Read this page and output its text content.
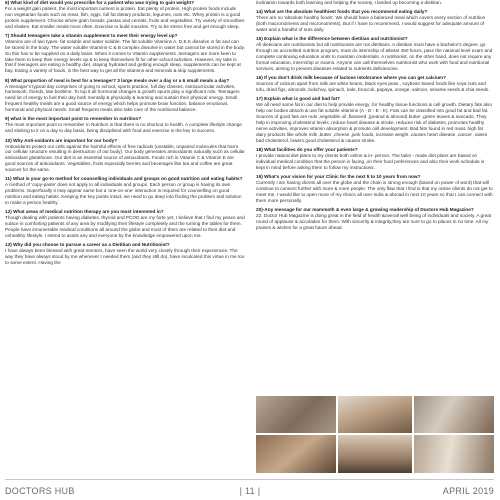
6) What kind of diet would you prescribe for a patient who was trying to gain weight?

For a weight gain patient, the most important nutrient is protein. Eat plenty of protein, High protein foods include non vegetarian foods such as meat, fish, eggs, full fat dietary products, legumes, nuts etc. Whey protein is a good protein supplement. Choose whole grain breads ,pastas and cereals, fruits and vegetables. Try variety of smoothies and shakes. Eat smaller meals more often. Exercise to build muscles. Try to be stress free and get enough sleep.

7) Should teenagers take a vitamin supplement to meet their energy level up?

Vitamins are of two types- fat soluble and water soluble. The fat soluble Vitamins A, D,E,K dissolve in fat and can be stored in the body. The water soluble Vitamins-C & B complex dissolve in water but cannot be stored in the body. So this has to be supplied on a daily basis. When it comes to Vitamin supplements ,teenagers are more keen to take them to keep their energy levels up & to keep themselves fit for other school activities. However, my take is that if teenagers are eating a healthy diet, staying hydrated and getting enough sleep, supplements can be kept at bay. Eating a variety of foods, is the best way to get all the vitamins and minerals & skip supplements.

8) What proportion of meal is best for a teenager? 3 large meals over a day or a 6 small meals a day?

A teenager's typical day comprises of going to school, sports practice, full day classes, extracurricular activities, homework, friends, late bedtime. To top it all hormonal changes & growth spurts play a significant role. Teenagers need lot of energy to fuel their day both mentally & physically & learning and sustain their physical energy. Small frequent healthy meals are a good source of energy which helps promote brain function, balance emotional, hormonal and physical needs. Small frequent meals also take care of the nutritional balance.

9) what is the most important point to remember in nutrition?

The most important point to remember in Nutrition is that there is no shortcut to health. A complete lifestyle change and sticking to it on a day to day basis, being disciplined with food and exercise is the key to success.

10) Why Anti-oxidants are important for our body?

Antioxidants protect our cells against the harmful effects of free radicals (unstable, unpaired molecules that harm our cellular structure resulting in destruction of our body). Our body generates antioxidants naturally such as cellular antioxidant glutathione. Our diet is an essential source of antioxidants. Foods rich in Vitamin C & Vitamin E are good sources of antioxidants. Vegetables, fruits especially berries and beverages like tea and coffee are great sources for the same.

11) What is your go-to method for counselling individuals and groups on good nutrition and eating habits?

A method of 'copy-paste' does not apply to all individuals and groups. Each person or group is having its own problems. Superficially it may appear same but a 'one-on-one' interaction is required for counselling on good nutrition and eating habits. Keeping the key points intact, we need to go deep into finding the problem and solution to make a person healthy.

12) What areas of medical nutrition therapy are you most interested in?

Though dealing with patients having diabetes, thyroid and PCOD are my forte yet, I believe that I find my peace and solace in comforting patients of any area by modifying their lifestyle completely and the turning the tables for them. People have innumerable medical conditions all around the globe and most of them are related to their diet and unhealthy lifestyle. I intend to assist any and everyone by the knowledge empowered upon me.

13) Why did you choose to pursue a career as a Dietitian and Nutritionist?

I have always been blessed with great mentors, have seen the world very closely through their experiences. The way they have always stood by me whenever I needed them (and they still do), have inculcated this virtue in me too to some extent. Having the

inclination towards both learning and helping the society, I landed up becoming a dietitian.

14) What are the absolute healthiest foods that you recommend eating daily?

There are no 'absolute healthy foods'. We should have a balanced meal which covers every section of nutrition (both macronutrients and micronutrients). But if I have to recommend, I would suggest for adequate amount of water and a handful of nuts daily.

15) Explain what is the difference between dietitian and nutritionist?

All dieticians are nutritionists but all nutritionists are not dietitians. A dietitian must have a bachelor's degree, go through an accredited nutrition program, must do internship of atleast 450 hours, pass the national level exam and complete continuing education units to maintain credentials. A nutritionist, on the other hand, does not require any formal education, internship or exams. Anyone can call themselves nutritionist who work with food and nutritional services, aiming to prevent diseases related to nutrients deficiencies.

16) If you don't drink milk because of lactose intolerance where you can get calcium?

Sources of calcium apart from milk are white beans, black eyes peas , soybean based foods like soya nuts and tofu, dried figs, almonds ,bokchoy, spinach, kale, broccoli, papaya, orange, salmon, sesame seeds & chia seeds.

17) Explain what is good and bad fat?

We all need some fat in our diet to help provide energy ,for healthy tissue functions & cell growth. Dietary fats also help our bodies absorb & use fat soluble vitamins (A - D - E - K). Fats can be classified into good fat and bad fat. Sources of good fats are nuts ,vegetable oil ,flaxseed ,(peanut & almond) butter ,green leaves & avocado. They help in improving cholesterol levels ,reduce heart disease & stroke, reduces risk of diabetes, promotes healthy nerve activities, improves vitamin absorption & promote cell development. Bad fats found in red meat, high fat dairy products like whole milk ,butter ,cheese ,junk foods, increase weight ,causes heart disease ,cancer ,raises bad cholesterol, lowers good cholesterol & causes stroke.

18) What facilities do you offer your patients?

I provide natural diet plans to my clients both online & in- person. The tailor - made diet plans are based on individual medical condition that the person is facing ,on their food preferences and also their work schedule is kept in mind before asking them to follow my instructions.

19) What's your vision for your Clinic for the next 5 to 10 years from now?

Currently I am having clients all over the globe and the chain is strong enough (based on power of word) that will continue to connect further with more & more people. The only flaw that I find is that my online clients do not get to meet me. I would like to open more of my clinics all over India & abroad in next 10 years so that I can connect with them more personally.

20)-Any message for our mammoth & even large & growing readership of Doctors Hub Magazine?

22. Doctor Hub Magazine is doing great in the field of health &overall well being of individuals and society. A great round of applause & accolades for them. With sincerity & integrity,they are sure to go to places in no time. All my praises & wishes for a great future ahead.

DOCTORS HUB	| 11 |	APRIL 2019
